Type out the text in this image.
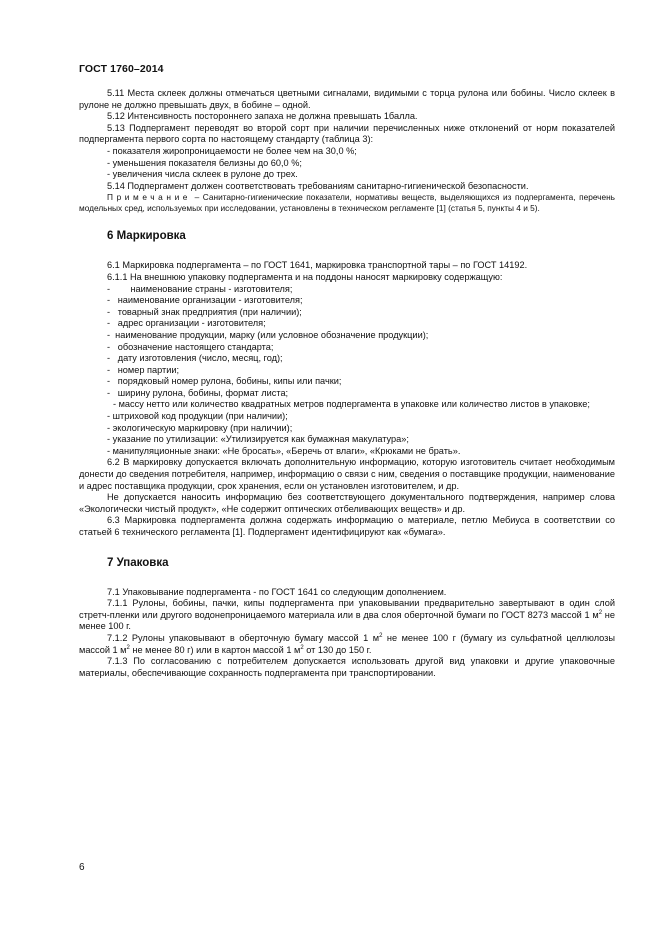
ГОСТ 1760–2014

5.11 Места склеек должны отмечаться цветными сигналами, видимыми с торца рулона или бобины. Число склеек в рулоне не должно превышать двух, в бобине – одной.

5.12 Интенсивность постороннего запаха не должна превышать 1балла.

5.13 Подпергамент переводят во второй сорт при наличии перечисленных ниже отклонений от норм показателей подпергамента первого сорта по настоящему стандарту (таблица 3):

- показателя жиропроницаемости не более чем на 30,0 %;

- уменьшения показателя белизны до 60,0 %;

- увеличения числа склеек в рулоне до трех.

5.14 Подпергамент должен соответствовать требованиям санитарно-гигиенической безопасности.

Примечание – Санитарно-гигиенические показатели, нормативы веществ, выделяющихся из подпергамента, перечень модельных сред, используемых при исследовании, установлены в техническом регламенте [1] (статья 5, пункты 4 и 5).

6 Маркировка

6.1 Маркировка подпергамента – по ГОСТ 1641, маркировка транспортной тары – по ГОСТ 14192.

6.1.1 На внешнюю упаковку подпергамента и на поддоны наносят маркировку содержащую:

-        наименование страны - изготовителя;

-   наименование организации - изготовителя;

-   товарный знак предприятия (при наличии);

-   адрес организации - изготовителя;

-  наименование продукции, марку (или условное обозначение продукции);

-   обозначение настоящего стандарта;

-   дату изготовления (число, месяц, год);

-   номер партии;

-   порядковый номер рулона, бобины, кипы или пачки;

-   ширину рулона, бобины, формат листа;

- массу нетто или количество квадратных метров подпергамента в упаковке или количество листов в упаковке;

- штриховой код продукции (при наличии);

- экологическую маркировку (при наличии);

- указание по утилизации: «Утилизируется как бумажная макулатура»;

- манипуляционные знаки: «Не бросать», «Беречь от влаги», «Крюками не брать».

6.2 В маркировку допускается включать дополнительную информацию, которую изготовитель считает необходимым донести до сведения потребителя, например, информацию о связи с ним, сведения о поставщике продукции, наименование и адрес поставщика продукции, срок хранения, если он установлен изготовителем, и др.

Не допускается наносить информацию без соответствующего документального подтверждения, например слова «Экологически чистый продукт», «Не содержит оптических отбеливающих веществ» и др.

6.3 Маркировка подпергамента должна содержать информацию о материале, петлю Мебиуса в соответствии со статьей 6 технического регламента [1]. Подпергамент идентифицируют как «бумага».

7 Упаковка

7.1 Упаковывание подпергамента - по ГОСТ 1641 со следующим дополнением.

7.1.1 Рулоны, бобины, пачки, кипы подпергамента при упаковывании предварительно завертывают в один слой стретч-пленки или другого водонепроницаемого материала или в два слоя оберточной бумаги по ГОСТ 8273 массой 1 $м^2$ не менее 100 г.

7.1.2 Рулоны упаковывают в оберточную бумагу массой 1 $м^2$ не менее 100 г (бумагу из сульфатной целлюлозы массой 1 $м^2$ не менее 80 г) или в картон массой 1 $м^2$ от 130 до 150 г.

7.1.3 По согласованию с потребителем допускается использовать другой вид упаковки и другие упаковочные материалы, обеспечивающие сохранность подпергамента при транспортировании.

6
